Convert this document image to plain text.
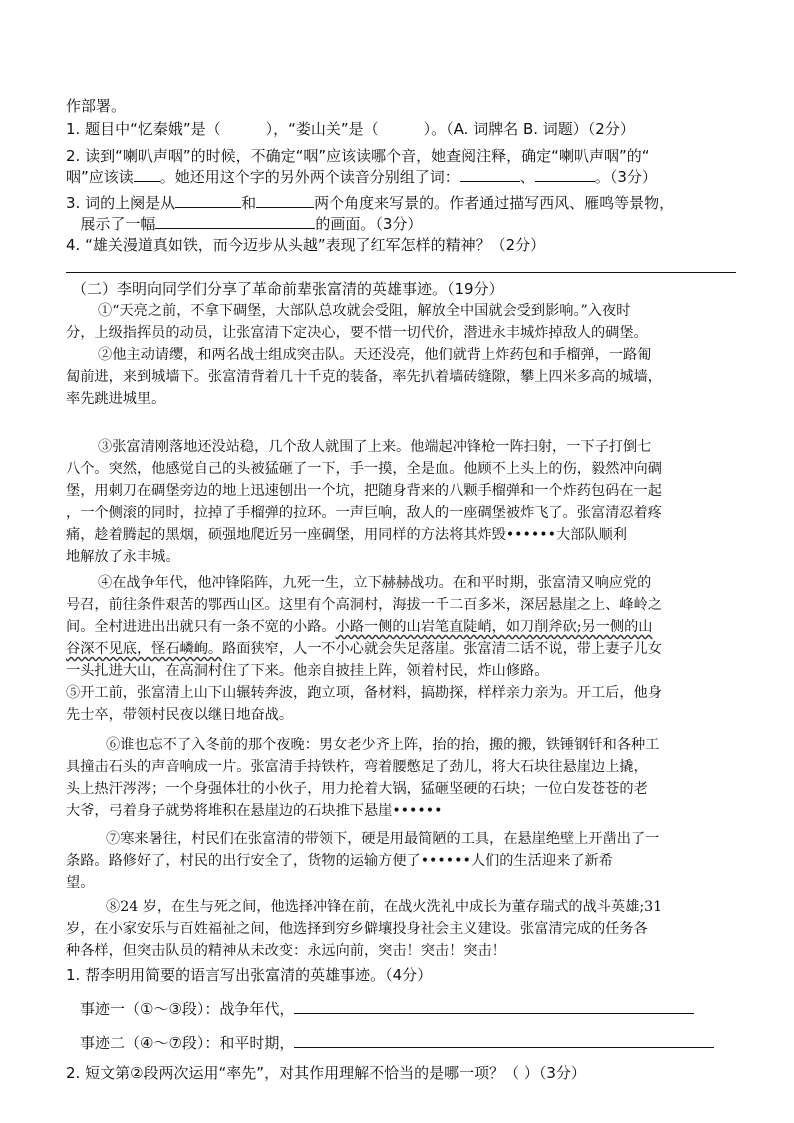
作部署。
1. 题目中“忆秦娥”是（　　　），“娄山关”是（　　　）。（A. 词牌名 B. 词题）（2分）
2. 读到“喇叭声咽”的时候，不确定“咽”应该读哪个音，她查阅注释，确定“喇叭声咽”的“
咽”应该读 。她还用这个字的另外两个读音分别组了词：	、	。（3分）
3. 词的上阕是从	和	两个角度来写景的。作者通过描写西风、雁鸣等景物，
展示了一幅	的画面。（3分）
4. “雄关漫道真如铁，而今迈步从头越”表现了红军怎样的精神？（2分）
（二）李明向同学们分享了革命前辈张富清的英雄事迹。（19分）
①“天亮之前，不拿下碉堡，大部队总攻就会受阻，解放全中国就会受到影响。”入夜时
分，上级指挥员的动员，让张富清下定决心，要不惜一切代价，潜进永丰城炸掉敌人的碉堡。
②他主动请缨，和两名战士组成突击队。天还没亮，他们就背上炸药包和手榴弹，一路匍
匐前进，来到城墙下。张富清背着几十千克的装备，率先扒着墙砖缝隙，攀上四米多高的城墙，
率先跳进城里。
③张富清刚落地还没站稳，几个敌人就围了上来。他端起冲锋枪一阵扫射，一下子打倒七
八个。突然，他感觉自己的头被猛砸了一下，手一摸，全是血。他顾不上头上的伤，毅然冲向碉
堡，用刺刀在碉堡旁边的地上迅速刨出一个坑，把随身背来的八颗手榴弹和一个炸药包码在一起
，一个侧滚的同时，拉掉了手榴弹的拉环。一声巨响，敌人的一座碉堡被炸飞了。张富清忍着疼
痛，趁着腾起的黑烟，硕强地爬近另一座碉堡，用同样的方法将其炸毁••••••大部队顺利
地解放了永丰城。
④在战争年代，他冲锋陷阵，九死一生，立下赫赫战功。在和平时期，张富清又响应党的
号召，前往条件艰苦的鄂西山区。这里有个高洞村，海拔一千二百多米，深居悬崖之上、峰岭之
间。全村进进出出就只有一条不宽的小路。小路一侧的山岩笔直陡峭，如刀削斧砍;另一侧的山
谷深不见底，怪石嶙峋。路面狭窄，人一不小心就会失足落崖。张富清二话不说，带上妻子儿女
一头扎进大山，在高洞村住了下来。他亲自披挂上阵，领着村民，炸山修路。
⑤开工前，张富清上山下山辗转奔波，跑立项，备材料，搞勘探，样样亲力亲为。开工后，他身
先士卒，带领村民夜以继日地奋战。
⑥谁也忘不了入冬前的那个夜晚：男女老少齐上阵，抬的抬，搬的搬，铁锤钢钎和各种工
具撞击石头的声音响成一片。张富清手持铁杵，弯着腰憋足了劲儿，将大石块往悬崖边上撬，
头上热汗涔涔；一个身强体壮的小伙子，用力抡着大锅，猛砸坚硬的石块；一位白发苍苍的老
大爷，弓着身子就势将堆积在悬崖边的石块推下悬崖••••••
⑦寒来暑往，村民们在张富清的带领下，硬是用最简陋的工具，在悬崖绝壁上开凿出了一
条路。路修好了，村民的出行安全了，货物的运输方便了••••••人们的生活迎来了新希
望。
⑧24 岁，在生与死之间，他选择冲锋在前，在战火洗礼中成长为董存瑞式的战斗英雄;31
岁，在小家安乐与百姓福祉之间，他选择到穷乡僻壤投身社会主义建设。张富清完成的任务各
种各样，但突击队员的精神从未改变：永远向前，突击！突击！突击！
1. 帮李明用简要的语言写出张富清的英雄事迹。（4分）
事迹一（①～③段）：战争年代，
事迹二（④～⑦段）：和平时期，
2. 短文第②段两次运用“率先”，对其作用理解不恰当的是哪一项？（ ）（3分）
